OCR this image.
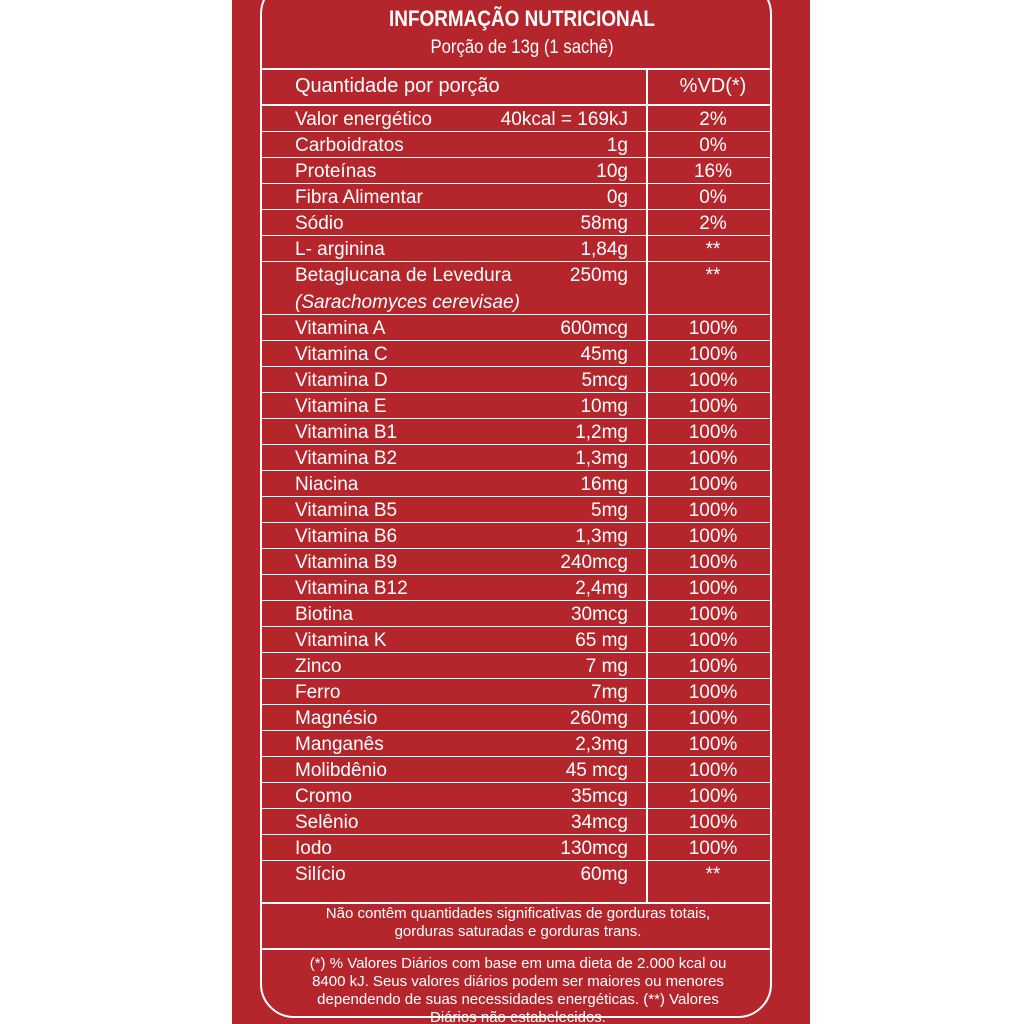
INFORMAÇÃO NUTRICIONAL
Porção de 13g (1 sachê)
Quantidade por porção	%VD(*)
Valor energético	40kcal = 169kJ	2%
Carboidratos	1g	0%
Proteínas	10g	16%
Fibra Alimentar	0g	0%
Sódio	58mg	2%
L- arginina	1,84g	**
Betaglucana de Levedura	250mg	**
(Sarachomyces cerevisae)
Vitamina A	600mcg	100%
Vitamina C	45mg	100%
Vitamina D	5mcg	100%
Vitamina E	10mg	100%
Vitamina B1	1,2mg	100%
Vitamina B2	1,3mg	100%
Niacina	16mg	100%
Vitamina B5	5mg	100%
Vitamina B6	1,3mg	100%
Vitamina B9	240mcg	100%
Vitamina B12	2,4mg	100%
Biotina	30mcg	100%
Vitamina K	65 mg	100%
Zinco	7 mg	100%
Ferro	7mg	100%
Magnésio	260mg	100%
Manganês	2,3mg	100%
Molibdênio	45 mcg	100%
Cromo	35mcg	100%
Selênio	34mcg	100%
Iodo	130mcg	100%
Silício	60mg	**
Não contêm quantidades significativas de gorduras totais,
gorduras saturadas e gorduras trans.
(*) % Valores Diários com base em uma dieta de 2.000 kcal ou
8400 kJ. Seus valores diários podem ser maiores ou menores
dependendo de suas necessidades energéticas. (**) Valores
Diários não estabelecidos.
